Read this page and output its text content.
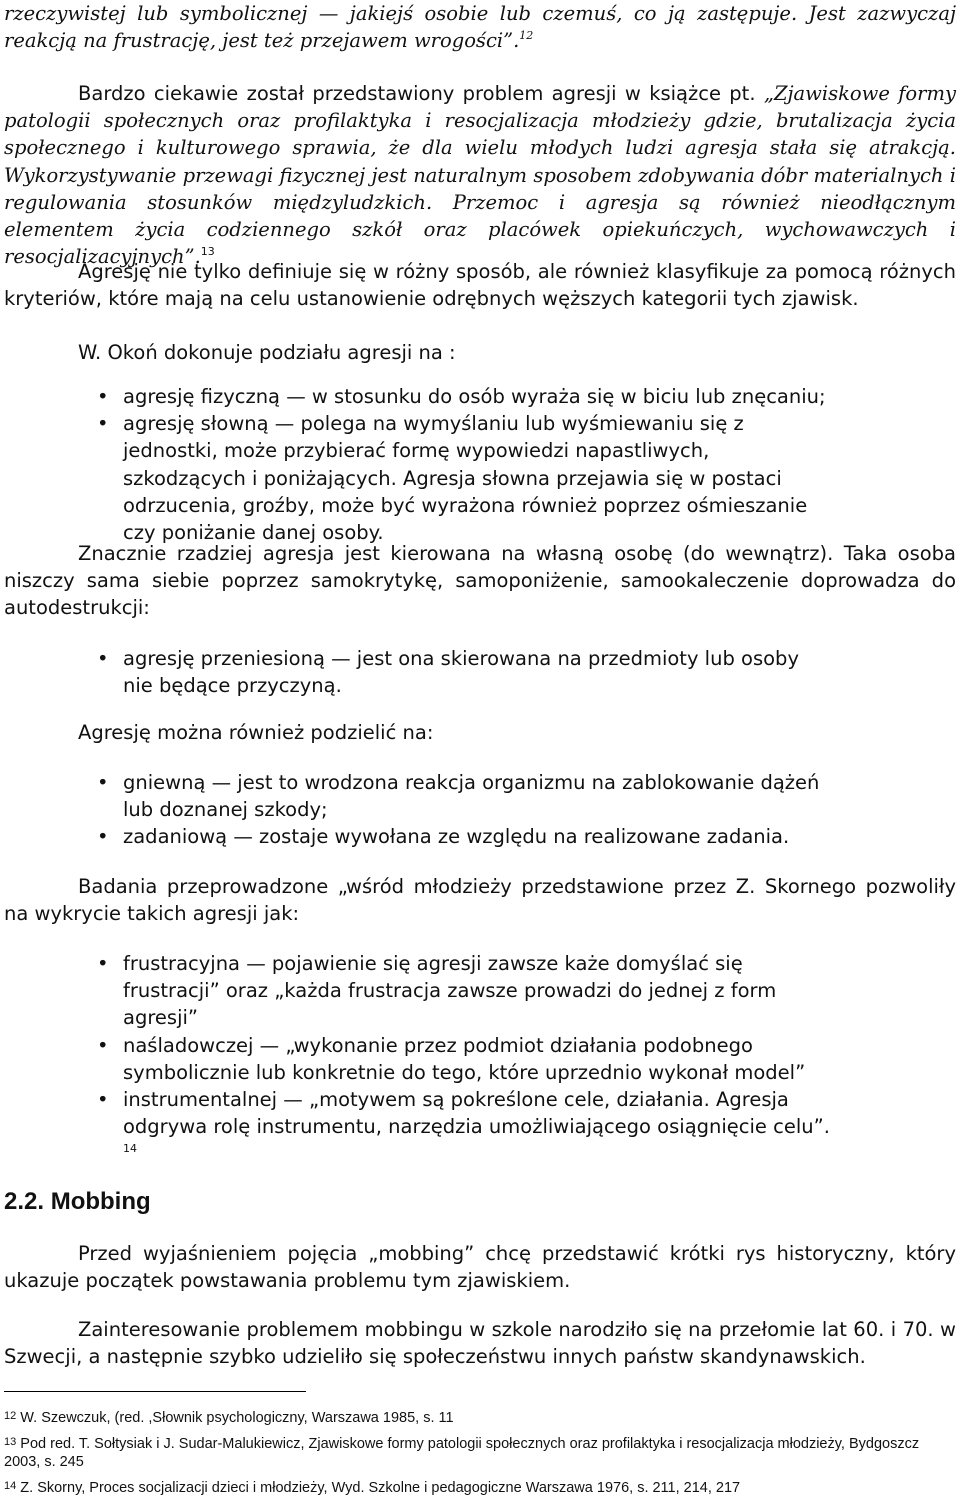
rzeczywistej lub symbolicznej — jakiejś osobie lub czemuś, co ją zastępuje. Jest zazwyczaj reakcją na frustrację, jest też przejawem wrogości”.$^{12}$

Bardzo ciekawie został przedstawiony problem agresji w książce pt. „Zjawiskowe formy patologii społecznych oraz profilaktyka i resocjalizacja młodzieży gdzie, brutalizacja życia społecznego i kulturowego sprawia, że dla wielu młodych ludzi agresja stała się atrakcją. Wykorzystywanie przewagi fizycznej jest naturalnym sposobem zdobywania dóbr materialnych i regulowania stosunków międzyludzkich. Przemoc i agresja są również nieodłącznym elementem życia codziennego szkół oraz placówek opiekuńczych, wychowawczych i resocjalizacyjnych”.$^{13}$

Agresję nie tylko definiuje się w różny sposób, ale również klasyfikuje za pomocą różnych kryteriów, które mają na celu ustanowienie odrębnych węższych kategorii tych zjawisk.

W. Okoń dokonuje podziału agresji na :

• agresję fizyczną — w stosunku do osób wyraża się w biciu lub znęcaniu;
• agresję słowną — polega na wymyślaniu lub wyśmiewaniu się z jednostki, może przybierać formę wypowiedzi napastliwych, szkodzących i poniżających. Agresja słowna przejawia się w postaci odrzucenia, groźby, może być wyrażona również poprzez ośmieszanie czy poniżanie danej osoby.

Znacznie rzadziej agresja jest kierowana na własną osobę (do wewnątrz). Taka osoba niszczy sama siebie poprzez samokrytykę, samoponiżenie, samookaleczenie doprowadza do autodestrukcji:

• agresję przeniesioną — jest ona skierowana na przedmioty lub osoby nie będące przyczyną.

Agresję można również podzielić na:

• gniewną — jest to wrodzona reakcja organizmu na zablokowanie dążeń lub doznanej szkody;
• zadaniową — zostaje wywołana ze względu na realizowane zadania.

Badania przeprowadzone „wśród młodzieży przedstawione przez Z. Skornego pozwoliły na wykrycie takich agresji jak:

• frustracyjna — pojawienie się agresji zawsze każe domyślać się frustracji” oraz „każda frustracja zawsze prowadzi do jednej z form agresji”
• naśladowczej — „wykonanie przez podmiot działania podobnego symbolicznie lub konkretnie do tego, które uprzednio wykonał model”
• instrumentalnej — „motywem są pokreślone cele, działania. Agresja odgrywa rolę instrumentu, narzędzia umożliwiającego osiągnięcie celu”. $^{14}$

2.2. Mobbing

Przed wyjaśnieniem pojęcia „mobbing” chcę przedstawić krótki rys historyczny, który ukazuje początek powstawania problemu tym zjawiskiem.

Zainteresowanie problemem mobbingu w szkole narodziło się na przełomie lat 60. i 70. w Szwecji, a następnie szybko udzieliło się społeczeństwu innych państw skandynawskich.

$^{12}$ W. Szewczuk, (red. ,Słownik psychologiczny, Warszawa 1985, s. 11

$^{13}$ Pod red. T. Sołtysiak i J. Sudar-Malukiewicz, Zjawiskowe formy patologii społecznych oraz profilaktyka i resocjalizacja młodzieży, Bydgoszcz 2003, s. 245

$^{14}$ Z. Skorny, Proces socjalizacji dzieci i młodzieży, Wyd. Szkolne i pedagogiczne Warszawa 1976, s. 211, 214, 217
